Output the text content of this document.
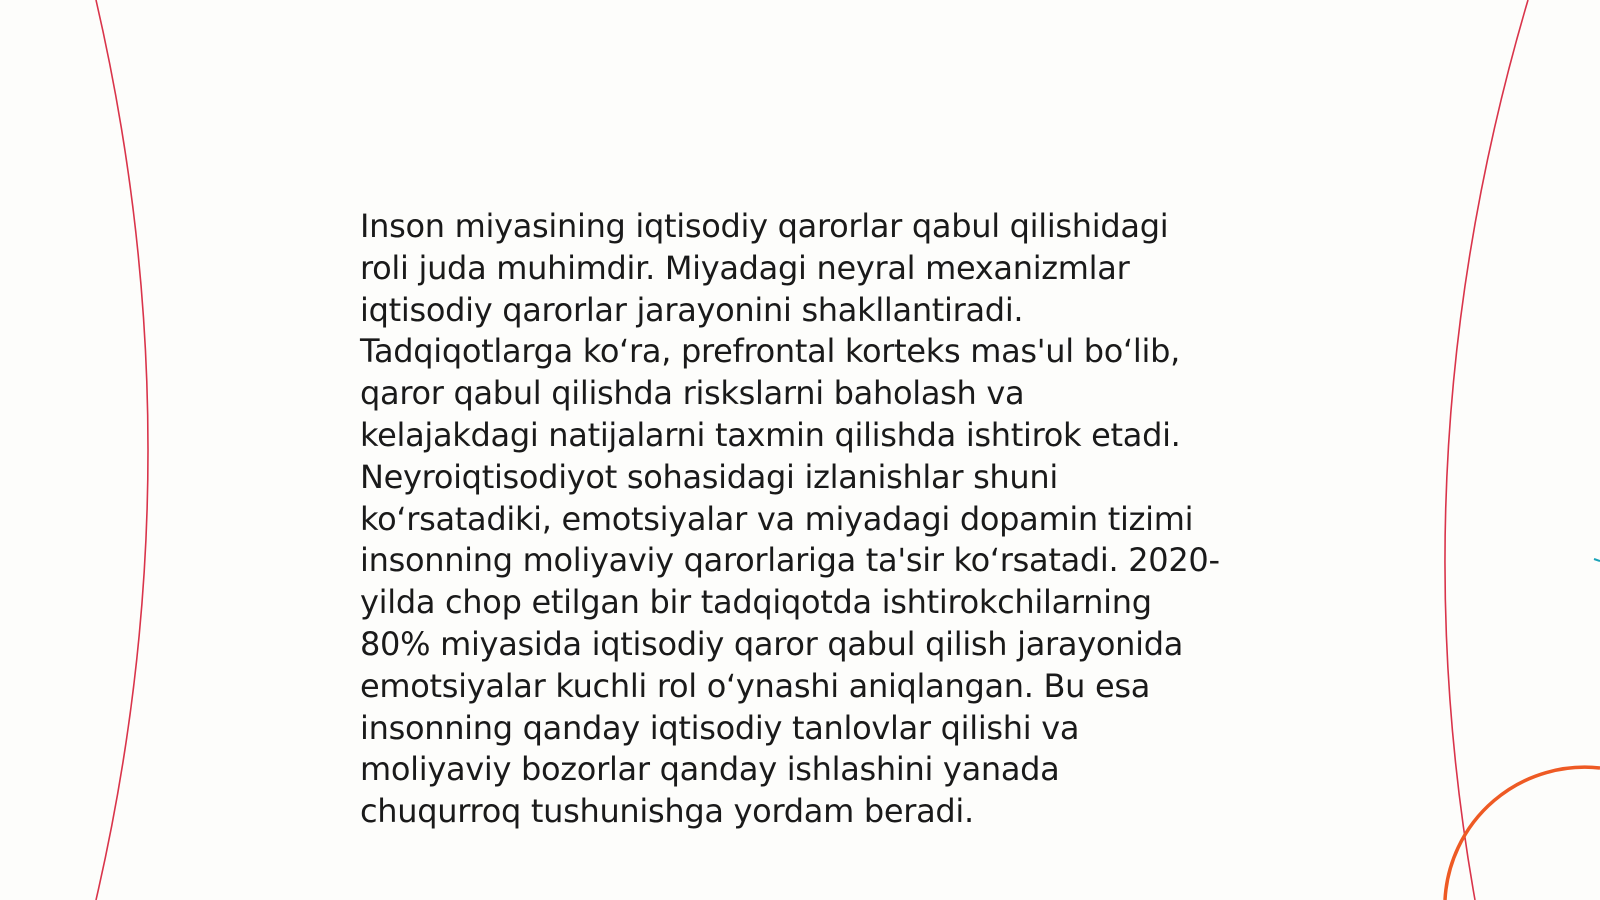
Inson miyasining iqtisodiy qarorlar qabul qilishidagi
roli juda muhimdir. Miyadagi neyral mexanizmlar
iqtisodiy qarorlar jarayonini shakllantiradi.
Tadqiqotlarga koʻra, prefrontal korteks mas'ul boʻlib,
qaror qabul qilishda riskslarni baholash va
kelajakdagi natijalarni taxmin qilishda ishtirok etadi.
Neyroiqtisodiyot sohasidagi izlanishlar shuni
koʻrsatadiki, emotsiyalar va miyadagi dopamin tizimi
insonning moliyaviy qarorlariga ta'sir koʻrsatadi. 2020-
yilda chop etilgan bir tadqiqotda ishtirokchilarning
80% miyasida iqtisodiy qaror qabul qilish jarayonida
emotsiyalar kuchli rol oʻynashi aniqlangan. Bu esa
insonning qanday iqtisodiy tanlovlar qilishi va
moliyaviy bozorlar qanday ishlashini yanada
chuqurroq tushunishga yordam beradi.
